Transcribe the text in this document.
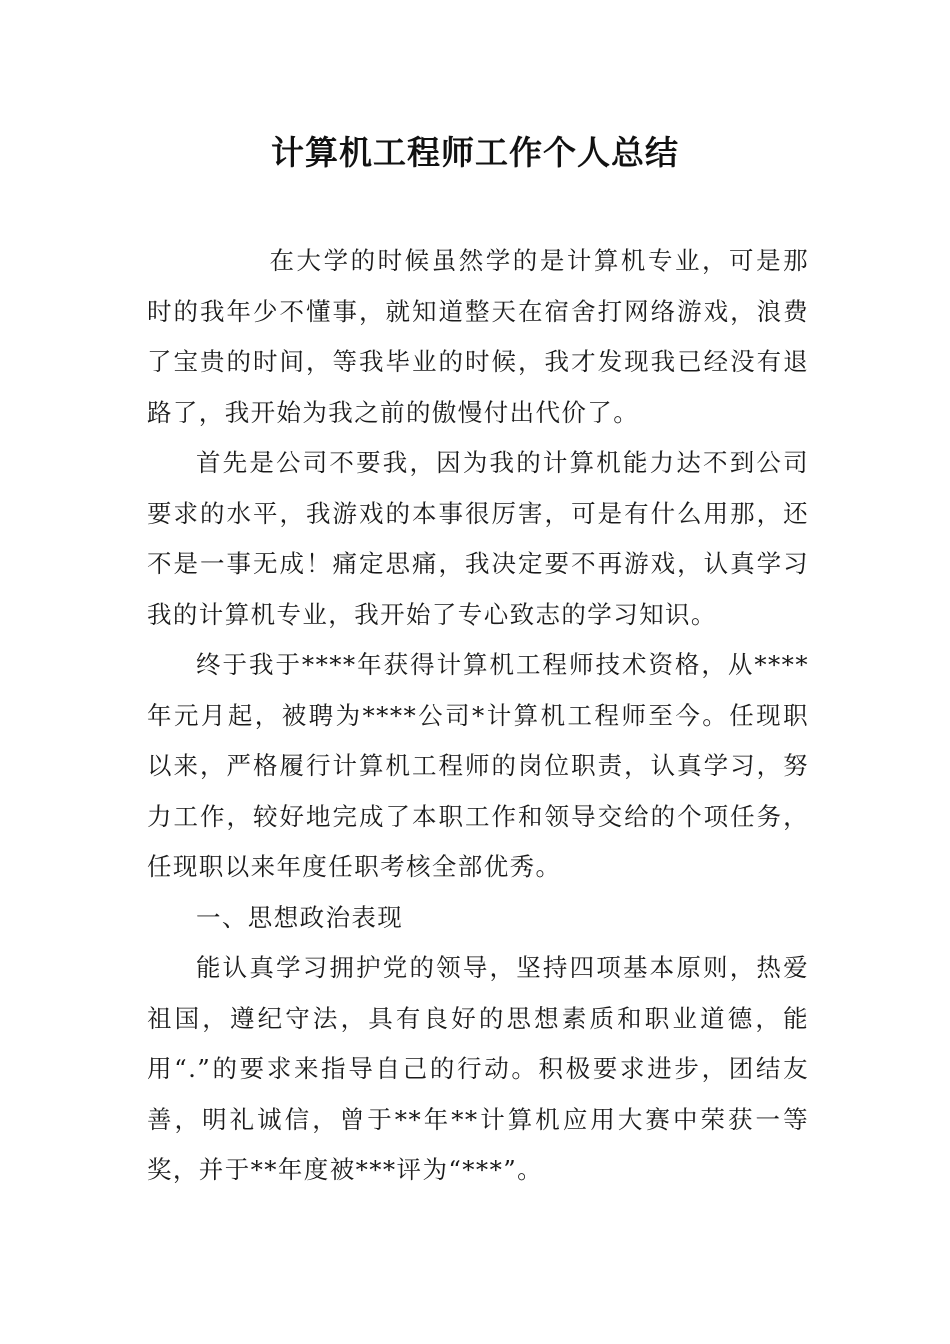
计算机工程师工作个人总结

在大学的时候虽然学的是计算机专业，可是那时的我年少不懂事，就知道整天在宿舍打网络游戏，浪费了宝贵的时间，等我毕业的时候，我才发现我已经没有退路了，我开始为我之前的傲慢付出代价了。

首先是公司不要我，因为我的计算机能力达不到公司要求的水平，我游戏的本事很厉害，可是有什么用那，还不是一事无成！痛定思痛，我决定要不再游戏，认真学习我的计算机专业，我开始了专心致志的学习知识。

终于我于****年获得计算机工程师技术资格，从****年元月起，被聘为****公司*计算机工程师至今。任现职以来，严格履行计算机工程师的岗位职责，认真学习，努力工作，较好地完成了本职工作和领导交给的个项任务，任现职以来年度任职考核全部优秀。

一、思想政治表现

能认真学习拥护党的领导，坚持四项基本原则，热爱祖国，遵纪守法，具有良好的思想素质和职业道德，能用“.”的要求来指导自己的行动。积极要求进步，团结友善，明礼诚信，曾于**年**计算机应用大赛中荣获一等奖，并于**年度被***评为“***”。
